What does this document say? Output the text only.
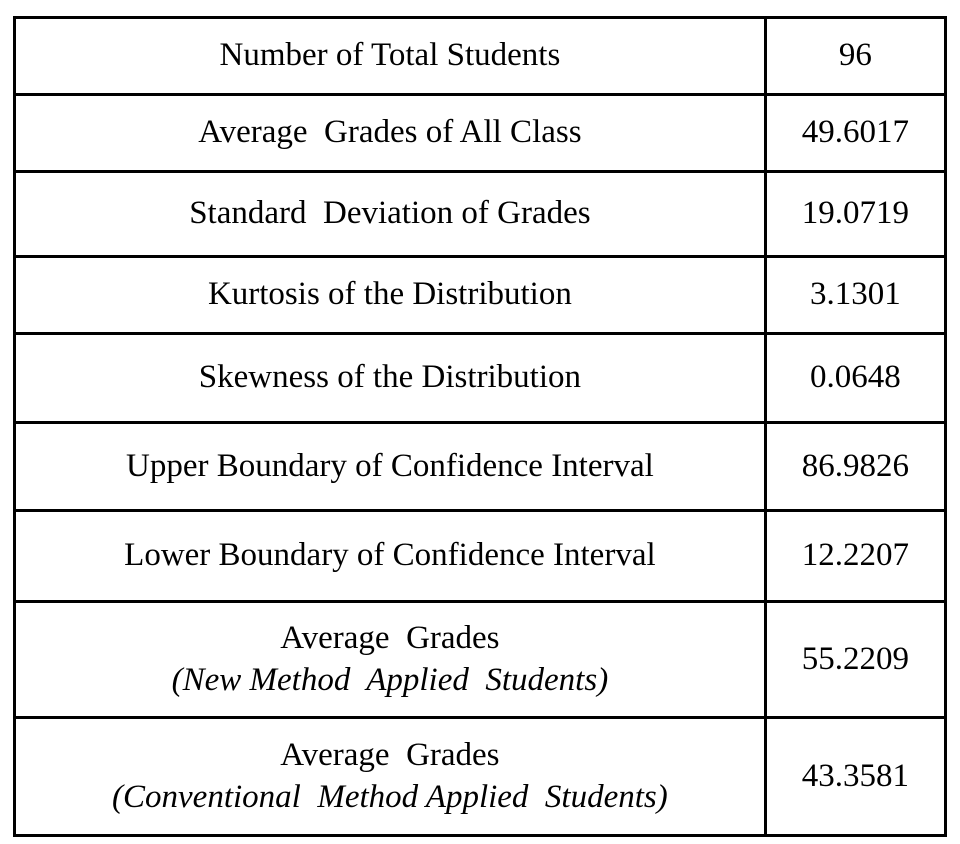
Number of Total Students	96
Average  Grades of All Class	49.6017
Standard  Deviation of Grades	19.0719
Kurtosis of the Distribution	3.1301
Skewness of the Distribution	0.0648
Upper Boundary of Confidence Interval	86.9826
Lower Boundary of Confidence Interval	12.2207

Average  Grades
(New Method  Applied  Students)	55.2209

Average  Grades
(Conventional  Method Applied  Students)	43.3581
